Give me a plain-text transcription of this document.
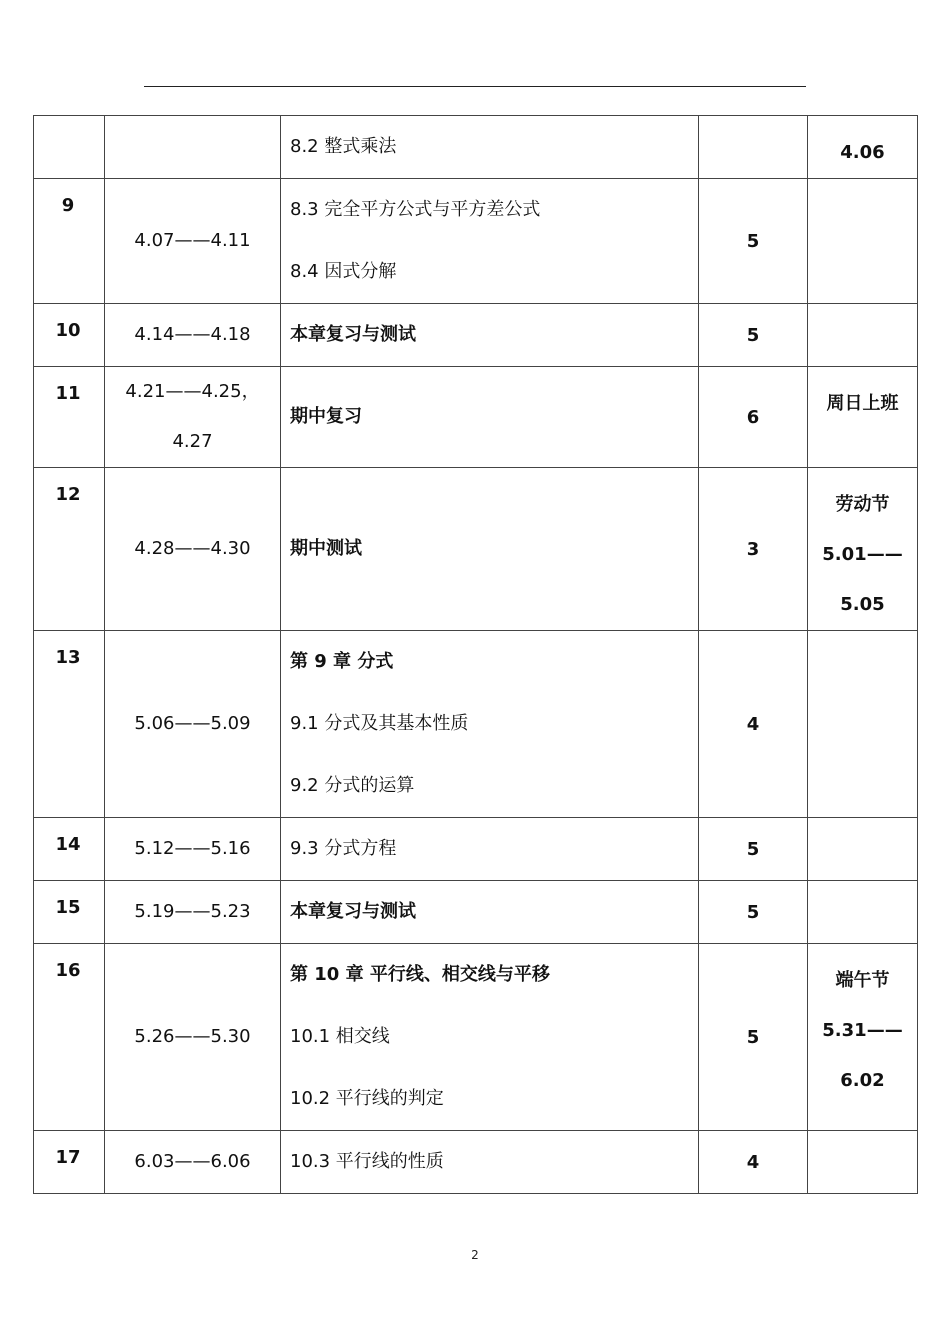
		8.2 整式乘法		4.06

9	4.07——4.11	8.3 完全平方公式与平方差公式
8.4 因式分解	5	
10	4.14——4.18	本章复习与测试	5	
11	4.21——4.25，
4.27	期中复习	6	周日上班

12	4.28——4.30	期中测试	3	劳动节
5.01——
5.05

13	5.06——5.09	第 9 章 分式
9.1 分式及其基本性质
9.2 分式的运算	4	
14	5.12——5.16	9.3 分式方程	5	
15	5.19——5.23	本章复习与测试	5	
16	5.26——5.30	第 10 章 平行线、相交线与平移
10.1 相交线
10.2 平行线的判定	5	端午节
5.31——
6.02

17	6.03——6.06	10.3 平行线的性质	4	
2
